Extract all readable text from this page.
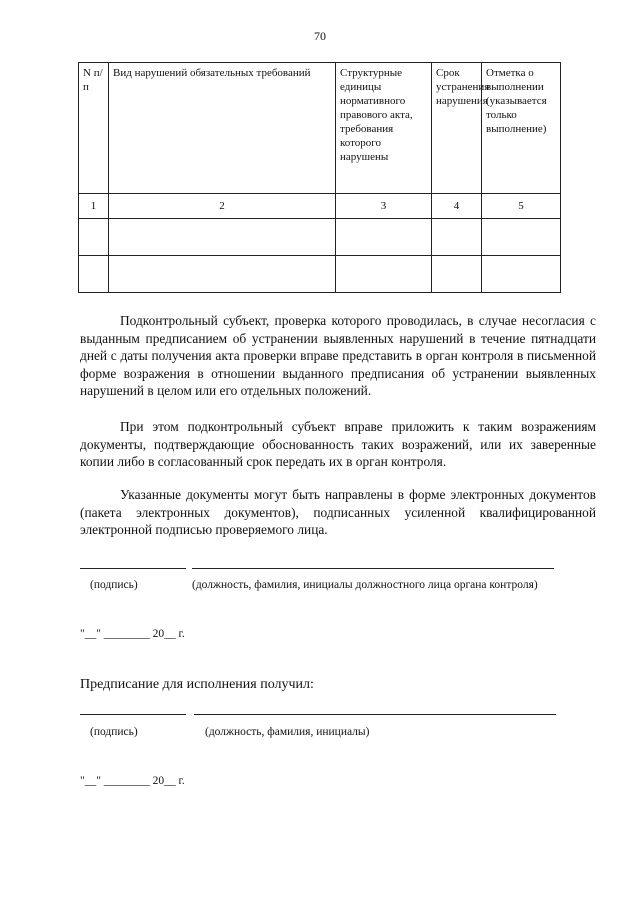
70
N п/п	Вид нарушений обязательных требований	Структурные единицы нормативного правового акта, требования которого нарушены	Срок устранения нарушения	Отметка о выполнении (указывается только выполнение)
1	2	3	4	5

Подконтрольный субъект, проверка которого проводилась, в случае несогласия с выданным предписанием об устранении выявленных нарушений в течение пятнадцати дней с даты получения акта проверки вправе представить в орган контроля в письменной форме возражения в отношении выданного предписания об устранении выявленных нарушений в целом или его отдельных положений.
При этом подконтрольный субъект вправе приложить к таким возражениям документы, подтверждающие обоснованность таких возражений, или их заверенные копии либо в согласованный срок передать их в орган контроля.
Указанные документы могут быть направлены в форме электронных документов (пакета электронных документов), подписанных усиленной квалифицированной электронной подписью проверяемого лица.
(подпись)	(должность, фамилия, инициалы должностного лица органа контроля)
"__" ________ 20__ г.
Предписание для исполнения получил:
(подпись)	(должность, фамилия, инициалы)
"__" ________ 20__ г.
